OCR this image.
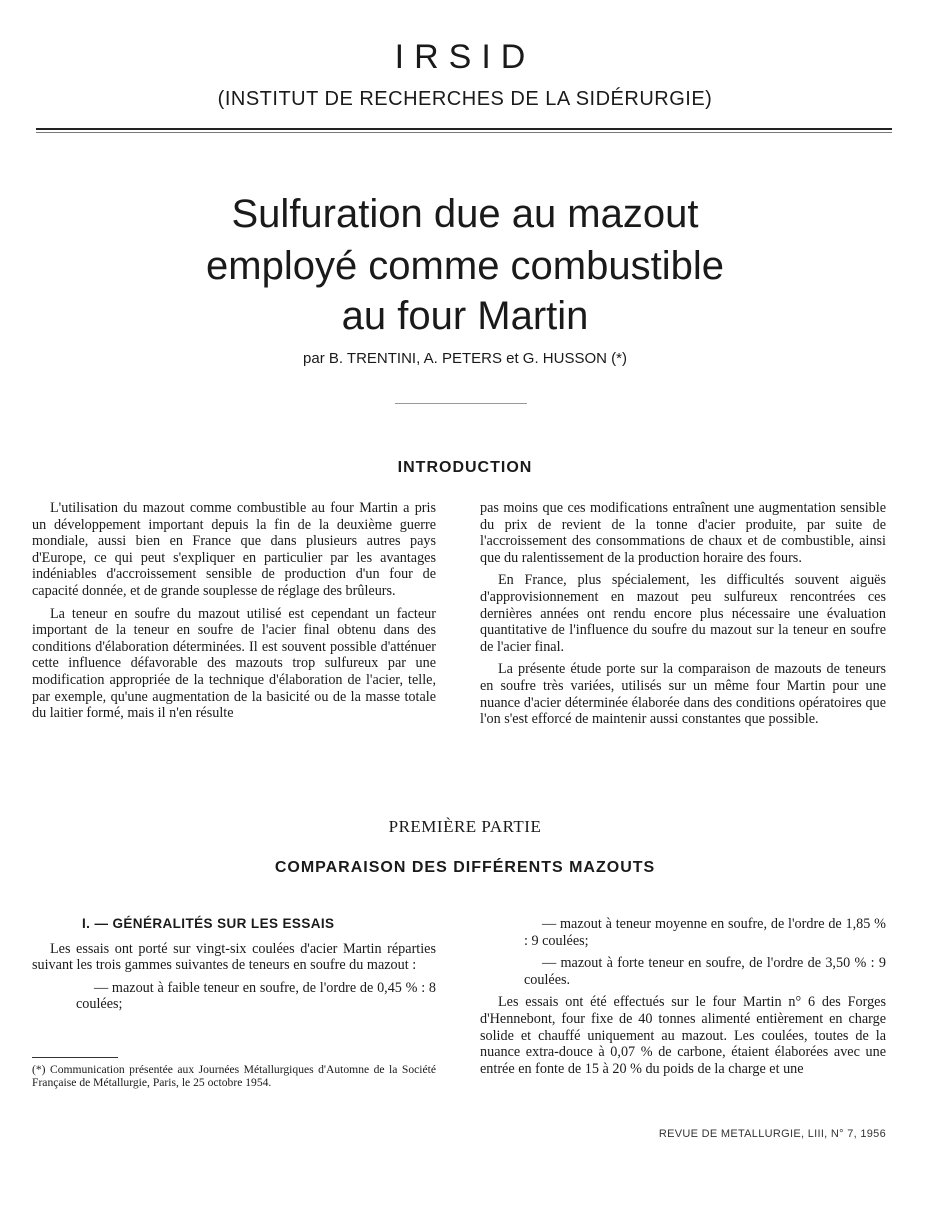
IRSID
(INSTITUT DE RECHERCHES DE LA SIDÉRURGIE)
Sulfuration due au mazout
employé comme combustible
au four Martin
par B. TRENTINI, A. PETERS et G. HUSSON (*)
INTRODUCTION

L'utilisation du mazout comme combustible au four Martin a pris un développement important depuis la fin de la deuxième guerre mondiale, aussi bien en France que dans plusieurs autres pays d'Europe, ce qui peut s'expliquer en particulier par les avantages indéniables d'accroissement sensible de production d'un four de capacité donnée, et de grande souplesse de réglage des brûleurs.

La teneur en soufre du mazout utilisé est cependant un facteur important de la teneur en soufre de l'acier final obtenu dans des conditions d'élaboration déterminées. Il est souvent possible d'atténuer cette influence défavorable des mazouts trop sulfureux par une modification appropriée de la technique d'élaboration de l'acier, telle, par exemple, qu'une augmentation de la basicité ou de la masse totale du laitier formé, mais il n'en résulte

pas moins que ces modifications entraînent une augmentation sensible du prix de revient de la tonne d'acier produite, par suite de l'accroissement des consommations de chaux et de combustible, ainsi que du ralentissement de la production horaire des fours.

En France, plus spécialement, les difficultés souvent aiguës d'approvisionnement en mazout peu sulfureux rencontrées ces dernières années ont rendu encore plus nécessaire une évaluation quantitative de l'influence du soufre du mazout sur la teneur en soufre de l'acier final.

La présente étude porte sur la comparaison de mazouts de teneurs en soufre très variées, utilisés sur un même four Martin pour une nuance d'acier déterminée élaborée dans des conditions opératoires que l'on s'est efforcé de maintenir aussi constantes que possible.

PREMIÈRE PARTIE
COMPARAISON DES DIFFÉRENTS MAZOUTS
I. — GÉNÉRALITÉS SUR LES ESSAIS

Les essais ont porté sur vingt-six coulées d'acier Martin réparties suivant les trois gammes suivantes de teneurs en soufre du mazout :

— mazout à faible teneur en soufre, de l'ordre de 0,45 % : 8 coulées;

— mazout à teneur moyenne en soufre, de l'ordre de 1,85 % : 9 coulées;

— mazout à forte teneur en soufre, de l'ordre de 3,50 % : 9 coulées.

Les essais ont été effectués sur le four Martin n° 6 des Forges d'Hennebont, four fixe de 40 tonnes alimenté entièrement en charge solide et chauffé uniquement au mazout. Les coulées, toutes de la nuance extra-douce à 0,07 % de carbone, étaient élaborées avec une entrée en fonte de 15 à 20 % du poids de la charge et une

(*) Communication présentée aux Journées Métallurgiques d'Automne de la Société Française de Métallurgie, Paris, le 25 octobre 1954.
REVUE DE METALLURGIE, LIII, N° 7, 1956
